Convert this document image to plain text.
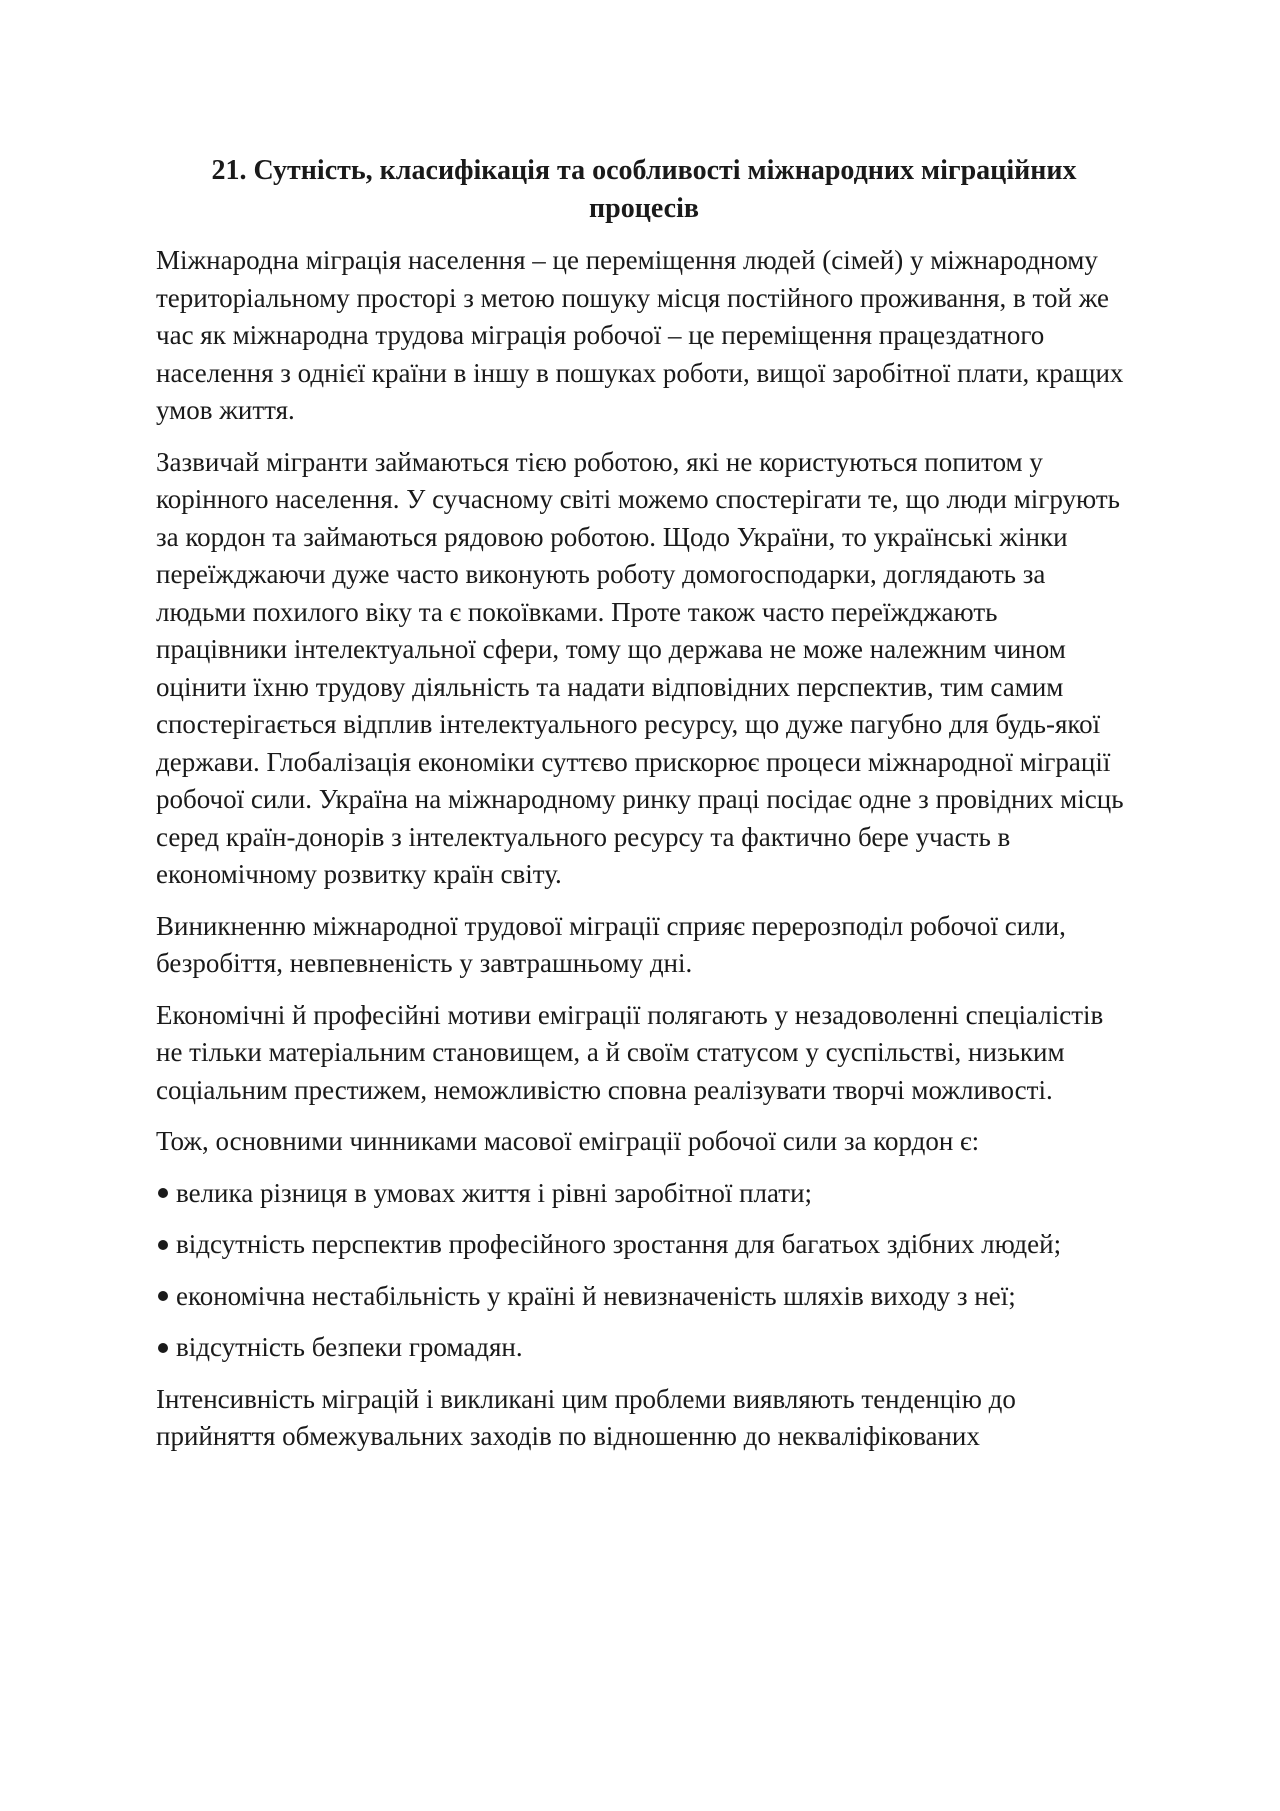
21. Сутність, класифікація та особливості міжнародних міграційних процесів

Міжнародна міграція населення – це переміщення людей (сімей) у міжнародному територіальному просторі з метою пошуку місця постійного проживання, в той же час як міжнародна трудова міграція робочої – це переміщення працездатного населення з однієї країни в іншу в пошуках роботи, вищої заробітної плати, кращих умов життя.

Зазвичай мігранти займаються тією роботою, які не користуються попитом у корінного населення. У сучасному світі можемо спостерігати те, що люди мігрують за кордон та займаються рядовою роботою. Щодо України, то українські жінки переїжджаючи дуже часто виконують роботу домогосподарки, доглядають за людьми похилого віку та є покоївками. Проте також часто переїжджають працівники інтелектуальної сфери, тому що держава не може належним чином оцінити їхню трудову діяльність та надати відповідних перспектив, тим самим спостерігається відплив інтелектуального ресурсу, що дуже пагубно для будь-якої держави. Глобалізація економіки суттєво прискорює процеси міжнародної міграції робочої сили. Україна на міжнародному ринку праці посідає одне з провідних місць серед країн-донорів з інтелектуального ресурсу та фактично бере участь в економічному розвитку країн світу.

Виникненню міжнародної трудової міграції сприяє перерозподіл робочої сили, безробіття, невпевненість у завтрашньому дні.

Економічні й професійні мотиви еміграції полягають у незадоволенні спеціалістів не тільки матеріальним становищем, а й своїм статусом у суспільстві, низьким соціальним престижем, неможливістю сповна реалізувати творчі можливості.

Тож, основними чинниками масової еміграції робочої сили за кордон є:

велика різниця в умовах життя і рівні заробітної плати;
відсутність перспектив професійного зростання для багатьох здібних людей;
економічна нестабільність у країні й невизначеність шляхів виходу з неї;
відсутність безпеки громадян.

Інтенсивність міграцій і викликані цим проблеми виявляють тенденцію до прийняття обмежувальних заходів по відношенню до некваліфікованих
